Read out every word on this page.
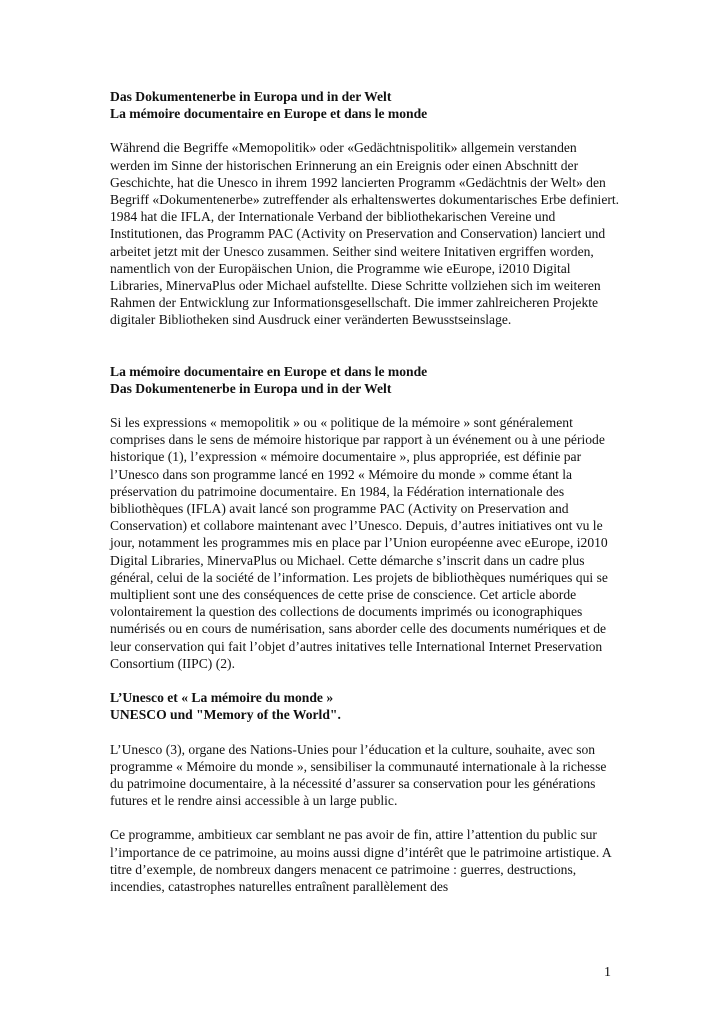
Das Dokumentenerbe in Europa und in der Welt

La mémoire documentaire en Europe et dans le monde

Während die Begriffe «Memopolitik» oder «Gedächtnispolitik» allgemein verstanden werden im Sinne der historischen Erinnerung an ein Ereignis oder einen Abschnitt der Geschichte, hat die Unesco in ihrem 1992 lancierten Programm «Gedächtnis der Welt» den Begriff «Dokumentenerbe» zutreffender als erhaltenswertes dokumentarisches Erbe definiert.

1984 hat die IFLA, der Internationale Verband der bibliothekarischen Vereine und Institutionen, das Programm PAC (Activity on Preservation and Conservation) lanciert und arbeitet jetzt mit der Unesco zusammen. Seither sind weitere Initativen ergriffen worden, namentlich von der Europäischen Union, die Programme wie eEurope, i2010 Digital Libraries, MinervaPlus oder Michael aufstellte. Diese Schritte vollziehen sich im weiteren Rahmen der Entwicklung zur Informationsgesellschaft. Die immer zahlreicheren Projekte digitaler Bibliotheken sind Ausdruck einer veränderten Bewusstseinslage.

La mémoire documentaire en Europe et dans le monde

Das Dokumentenerbe in Europa und in der Welt

Si les expressions « memopolitik » ou « politique de la mémoire » sont généralement comprises dans le sens de mémoire historique par rapport à un événement ou à une période historique (1), l’expression « mémoire documentaire », plus appropriée, est définie par l’Unesco dans son programme lancé en 1992 « Mémoire du monde » comme étant la préservation du patrimoine documentaire. En 1984, la Fédération internationale des bibliothèques (IFLA) avait lancé son programme PAC (Activity on Preservation and Conservation) et collabore maintenant avec l’Unesco. Depuis, d’autres initiatives ont vu le jour, notamment les programmes mis en place par l’Union européenne avec eEurope, i2010 Digital Libraries, MinervaPlus ou Michael. Cette démarche s’inscrit dans un cadre plus général, celui de la société de l’information. Les projets de bibliothèques numériques qui se multiplient sont une des conséquences de cette prise de conscience. Cet article aborde volontairement la question des collections de documents imprimés ou iconographiques numérisés ou en cours de numérisation, sans aborder celle des documents numériques et de leur conservation qui fait l’objet d’autres initatives telle International Internet Preservation Consortium (IIPC) (2).

L’Unesco et « La mémoire du monde »

UNESCO und "Memory of the World".

L’Unesco (3), organe des Nations-Unies pour l’éducation et la culture, souhaite, avec son programme « Mémoire du monde », sensibiliser la communauté internationale à la richesse du patrimoine documentaire, à la nécessité d’assurer sa conservation pour les générations futures et le rendre ainsi accessible à un large public.

Ce programme, ambitieux car semblant ne pas avoir de fin, attire l’attention du public sur l’importance de ce patrimoine, au moins aussi digne d’intérêt que le patrimoine artistique. A titre d’exemple, de nombreux dangers menacent ce patrimoine : guerres, destructions, incendies, catastrophes naturelles entraînent parallèlement des

1
